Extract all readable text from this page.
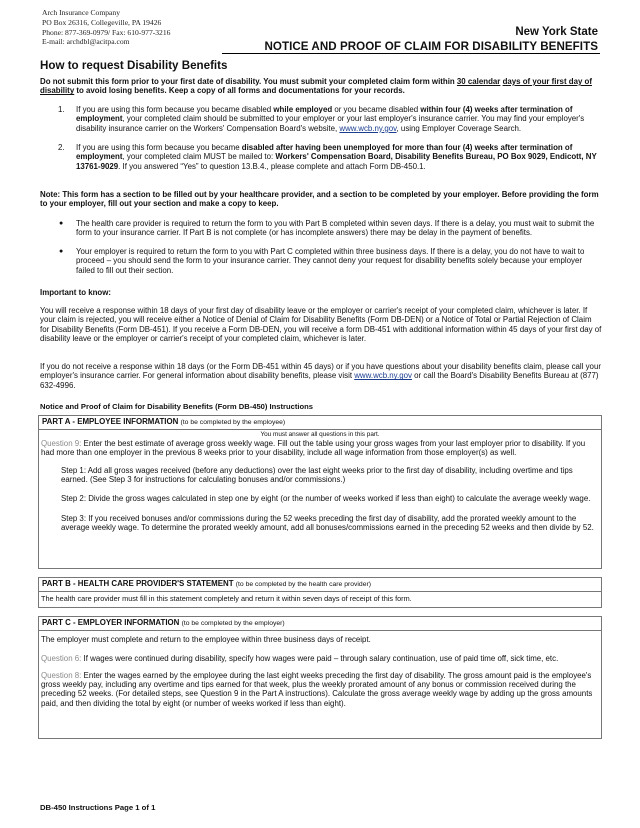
Arch Insurance Company
PO Box 26316, Collegeville, PA 19426
Phone: 877-369-0979/ Fax: 610-977-3216
E-mail: archdbl@acitpa.com
New York State
NOTICE AND PROOF OF CLAIM FOR DISABILITY BENEFITS
How to request Disability Benefits
Do not submit this form prior to your first date of disability. You must submit your completed claim form within 30 calendar days of your first day of disability to avoid losing benefits. Keep a copy of all forms and documentations for your records.
1. If you are using this form because you became disabled while employed or you became disabled within four (4) weeks after termination of employment, your completed claim should be submitted to your employer or your last employer's insurance carrier. You may find your employer's disability insurance carrier on the Workers' Compensation Board's website, www.wcb.ny.gov, using Employer Coverage Search.
2. If you are using this form because you became disabled after having been unemployed for more than four (4) weeks after termination of employment, your completed claim MUST be mailed to: Workers' Compensation Board, Disability Benefits Bureau, PO Box 9029, Endicott, NY 13761-9029. If you answered “Yes” to question 13.B.4., please complete and attach Form DB-450.1.
Note: This form has a section to be filled out by your healthcare provider, and a section to be completed by your employer. Before providing the form to your employer, fill out your section and make a copy to keep.
● The health care provider is required to return the form to you with Part B completed within seven days. If there is a delay, you must wait to submit the form to your insurance carrier. If Part B is not complete (or has incomplete answers) there may be delay in the payment of benefits.
● Your employer is required to return the form to you with Part C completed within three business days. If there is a delay, you do not have to wait to proceed – you should send the form to your insurance carrier. They cannot deny your request for disability benefits solely because your employer failed to fill out their section.
Important to know:
You will receive a response within 18 days of your first day of disability leave or the employer or carrier's receipt of your completed claim, whichever is later. If your claim is rejected, you will receive either a Notice of Denial of Claim for Disability Benefits (Form DB-DEN) or a Notice of Total or Partial Rejection of Claim for Disability Benefits (Form DB-451). If you receive a Form DB-DEN, you will receive a form DB-451 with additional information within 45 days of your first day of disability leave or the employer or carrier's receipt of your completed claim, whichever is later.
If you do not receive a response within 18 days (or the Form DB-451 within 45 days) or if you have questions about your disability benefits claim, please call your employer's insurance carrier. For general information about disability benefits, please visit www.wcb.ny.gov or call the Board's Disability Benefits Bureau at (877) 632-4996.
Notice and Proof of Claim for Disability Benefits (Form DB-450) Instructions
PART A - EMPLOYEE INFORMATION (to be completed by the employee)
You must answer all questions in this part.
Question 9: Enter the best estimate of average gross weekly wage. Fill out the table using your gross wages from your last employer prior to disability. If you had more than one employer in the previous 8 weeks prior to your disability, include all wage information from those employer(s) as well.
Step 1: Add all gross wages received (before any deductions) over the last eight weeks prior to the first day of disability, including overtime and tips earned. (See Step 3 for instructions for calculating bonuses and/or commissions.)
Step 2: Divide the gross wages calculated in step one by eight (or the number of weeks worked if less than eight) to calculate the average weekly wage.
Step 3: If you received bonuses and/or commissions during the 52 weeks preceding the first day of disability, add the prorated weekly amount to the average weekly wage. To determine the prorated weekly amount, add all bonuses/commissions earned in the preceding 52 weeks and then divide by 52.
PART B - HEALTH CARE PROVIDER'S STATEMENT (to be completed by the health care provider)
The health care provider must fill in this statement completely and return it within seven days of receipt of this form.
PART C - EMPLOYER INFORMATION (to be completed by the employer)
The employer must complete and return to the employee within three business days of receipt.
Question 6: If wages were continued during disability, specify how wages were paid – through salary continuation, use of paid time off, sick time, etc.
Question 8: Enter the wages earned by the employee during the last eight weeks preceding the first day of disability. The gross amount paid is the employee's gross weekly pay, including any overtime and tips earned for that week, plus the weekly prorated amount of any bonus or commission received during the preceding 52 weeks. (For detailed steps, see Question 9 in the Part A instructions). Calculate the gross average weekly wage by adding up the gross amounts paid, and then dividing the total by eight (or number of weeks worked if less than eight).
DB-450 Instructions Page 1 of 1
